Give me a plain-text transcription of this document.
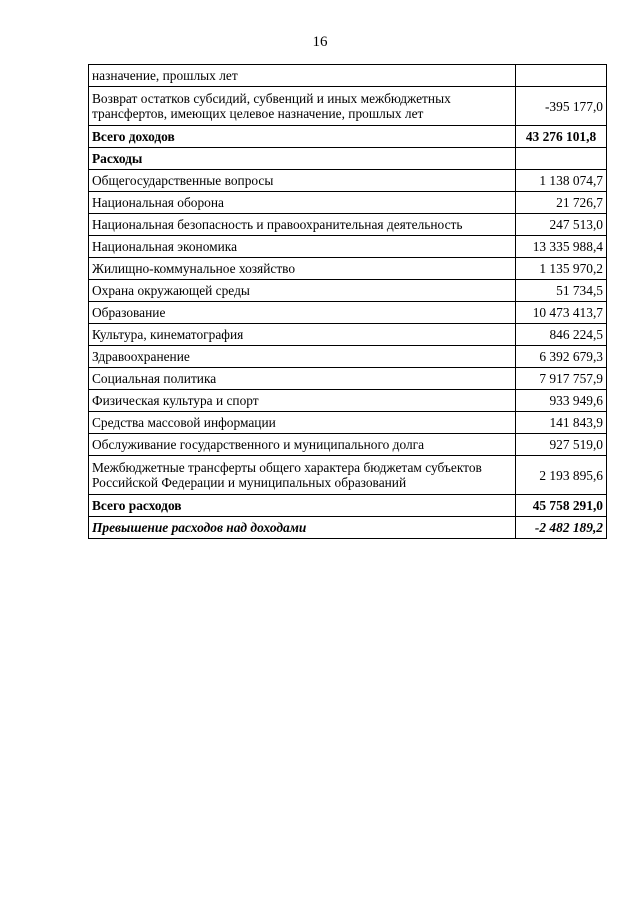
16
назначение, прошлых лет	
Возврат остатков субсидий, субвенций и иных межбюджетных трансфертов, имеющих целевое назначение, прошлых лет	-395 177,0
Всего доходов	43 276 101,8
Расходы	
Общегосударственные вопросы	1 138 074,7
Национальная оборона	21 726,7
Национальная безопасность и правоохранительная деятельность	247 513,0
Национальная экономика	13 335 988,4
Жилищно-коммунальное хозяйство	1 135 970,2
Охрана окружающей среды	51 734,5
Образование	10 473 413,7
Культура, кинематография	846 224,5
Здравоохранение	6 392 679,3
Социальная политика	7 917 757,9
Физическая культура и спорт	933 949,6
Средства массовой информации	141 843,9
Обслуживание государственного и муниципального долга	927 519,0
Межбюджетные трансферты общего характера бюджетам субъектов Российской Федерации и муниципальных образований	2 193 895,6
Всего расходов	45 758 291,0
Превышение расходов над доходами	-2 482 189,2
